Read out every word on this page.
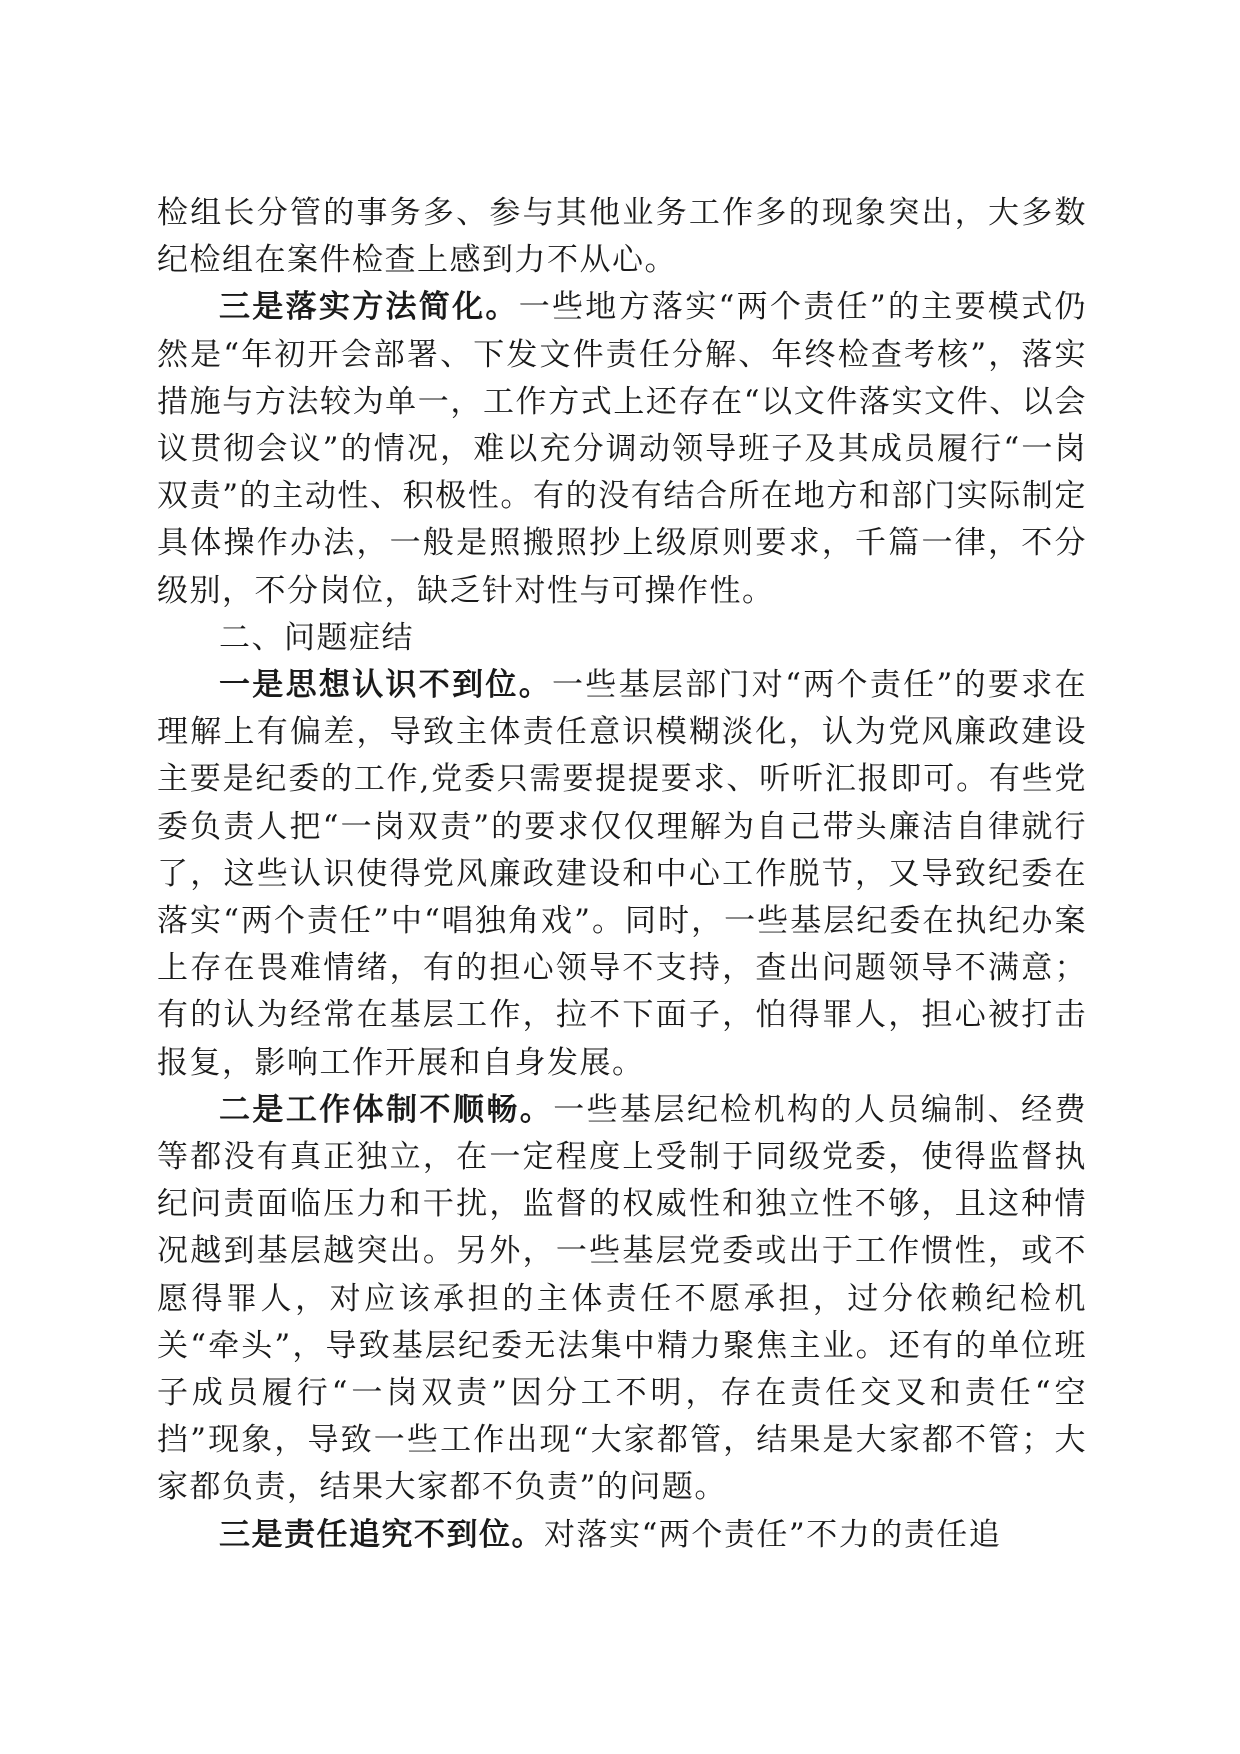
检组长分管的事务多、参与其他业务工作多的现象突出，大多数纪检组在案件检查上感到力不从心。

三是落实方法简化。一些地方落实“两个责任”的主要模式仍然是“年初开会部署、下发文件责任分解、年终检查考核”，落实措施与方法较为单一，工作方式上还存在“以文件落实文件、以会议贯彻会议”的情况，难以充分调动领导班子及其成员履行“一岗双责”的主动性、积极性。有的没有结合所在地方和部门实际制定具体操作办法，一般是照搬照抄上级原则要求，千篇一律，不分级别，不分岗位，缺乏针对性与可操作性。

二、问题症结

一是思想认识不到位。一些基层部门对“两个责任”的要求在理解上有偏差，导致主体责任意识模糊淡化，认为党风廉政建设主要是纪委的工作,党委只需要提提要求、听听汇报即可。有些党委负责人把“一岗双责”的要求仅仅理解为自己带头廉洁自律就行了，这些认识使得党风廉政建设和中心工作脱节，又导致纪委在落实“两个责任”中“唱独角戏”。同时，一些基层纪委在执纪办案上存在畏难情绪，有的担心领导不支持，查出问题领导不满意；有的认为经常在基层工作，拉不下面子，怕得罪人，担心被打击报复，影响工作开展和自身发展。

二是工作体制不顺畅。一些基层纪检机构的人员编制、经费等都没有真正独立，在一定程度上受制于同级党委，使得监督执纪问责面临压力和干扰，监督的权威性和独立性不够，且这种情况越到基层越突出。另外，一些基层党委或出于工作惯性，或不愿得罪人，对应该承担的主体责任不愿承担，过分依赖纪检机关“牵头”，导致基层纪委无法集中精力聚焦主业。还有的单位班子成员履行“一岗双责”因分工不明，存在责任交叉和责任“空挡”现象，导致一些工作出现“大家都管，结果是大家都不管；大家都负责，结果大家都不负责”的问题。

三是责任追究不到位。对落实“两个责任”不力的责任追
